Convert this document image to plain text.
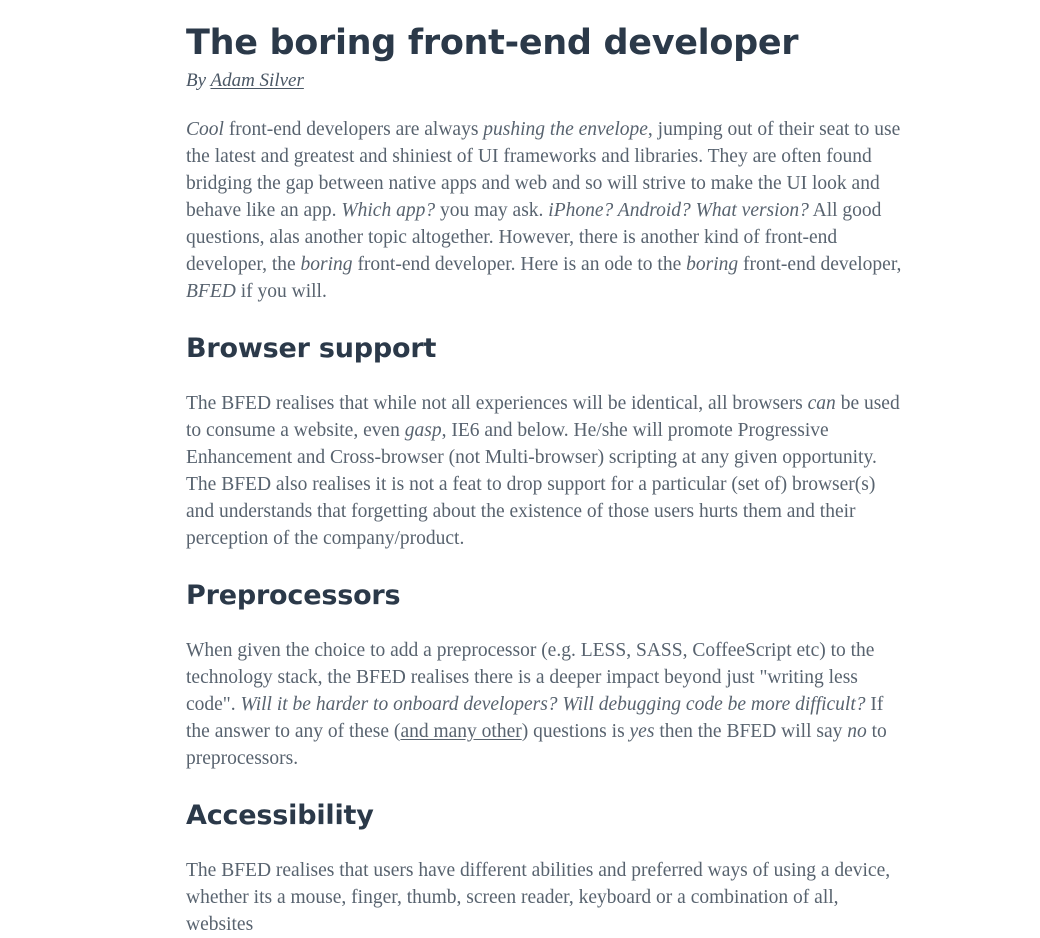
The boring front-end developer

By Adam Silver

Cool front-end developers are always pushing the envelope, jumping out of their seat to use the latest and greatest and shiniest of UI frameworks and libraries. They are often found bridging the gap between native apps and web and so will strive to make the UI look and behave like an app. Which app? you may ask. iPhone? Android? What version? All good questions, alas another topic altogether. However, there is another kind of front-end developer, the boring front-end developer. Here is an ode to the boring front-end developer, BFED if you will.

Browser support

The BFED realises that while not all experiences will be identical, all browsers can be used to consume a website, even gasp, IE6 and below. He/she will promote Progressive Enhancement and Cross-browser (not Multi-browser) scripting at any given opportunity. The BFED also realises it is not a feat to drop support for a particular (set of) browser(s) and understands that forgetting about the existence of those users hurts them and their perception of the company/product.

Preprocessors

When given the choice to add a preprocessor (e.g. LESS, SASS, CoffeeScript etc) to the technology stack, the BFED realises there is a deeper impact beyond just "writing less code". Will it be harder to onboard developers? Will debugging code be more difficult? If the answer to any of these (and many other) questions is yes then the BFED will say no to preprocessors.

Accessibility

The BFED realises that users have different abilities and preferred ways of using a device, whether its a mouse, finger, thumb, screen reader, keyboard or a combination of all, websites
